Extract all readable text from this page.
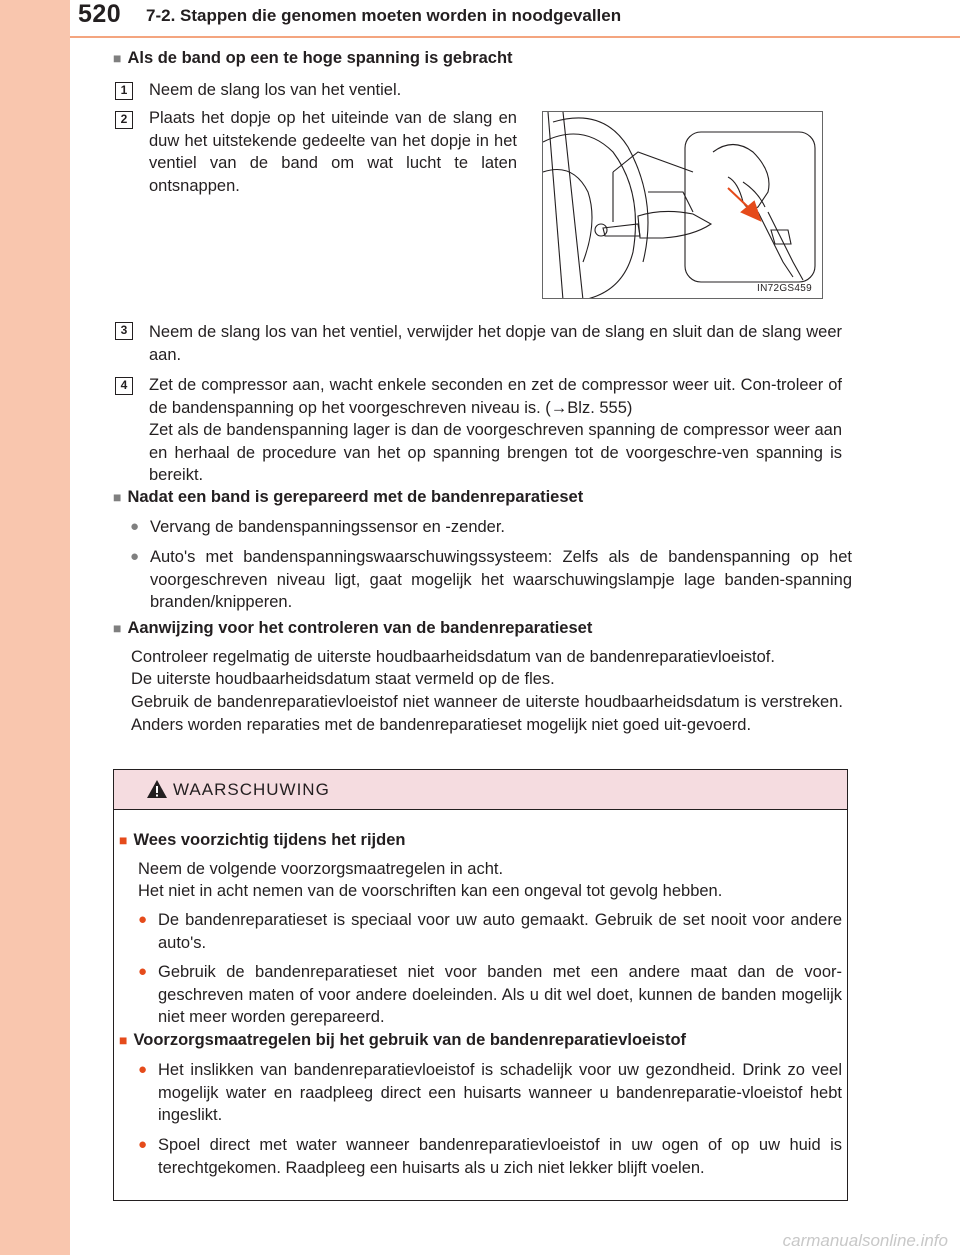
520 7-2. Stappen die genomen moeten worden in noodgevallen
■ Als de band op een te hoge spanning is gebracht
1	Neem de slang los van het ventiel.

2	Plaats het dopje op het uiteinde van de slang en duw het uitstekende gedeelte van het dopje in het ventiel van de band om wat lucht te laten ontsnappen.

IN72GS459
3	Neem de slang los van het ventiel, verwijder het dopje van de slang en sluit dan de slang weer aan.

4	Zet de compressor aan, wacht enkele seconden en zet de compressor weer uit. Con-troleer of de bandenspanning op het voorgeschreven niveau is. (→Blz. 555)

Zet als de bandenspanning lager is dan de voorgeschreven spanning de compressor weer aan en herhaal de procedure van het op spanning brengen tot de voorgeschre-ven spanning is bereikt.

■ Nadat een band is gerepareerd met de bandenreparatieset
● Vervang de bandenspanningssensor en -zender.
● Auto's met bandenspanningswaarschuwingssysteem: Zelfs als de bandenspanning op het voorgeschreven niveau ligt, gaat mogelijk het waarschuwingslampje lage banden-spanning branden/knipperen.
■ Aanwijzing voor het controleren van de bandenreparatieset

Controleer regelmatig de uiterste houdbaarheidsdatum van de bandenreparatievloeistof.

De uiterste houdbaarheidsdatum staat vermeld op de fles.

Gebruik de bandenreparatievloeistof niet wanneer de uiterste houdbaarheidsdatum is verstreken. Anders worden reparaties met de bandenreparatieset mogelijk niet goed uit-gevoerd.

WAARSCHUWING
■ Wees voorzichtig tijdens het rijden

Neem de volgende voorzorgsmaatregelen in acht.

Het niet in acht nemen van de voorschriften kan een ongeval tot gevolg hebben.

● De bandenreparatieset is speciaal voor uw auto gemaakt. Gebruik de set nooit voor andere auto's.
● Gebruik de bandenreparatieset niet voor banden met een andere maat dan de voor-geschreven maten of voor andere doeleinden. Als u dit wel doet, kunnen de banden mogelijk niet meer worden gerepareerd.
■ Voorzorgsmaatregelen bij het gebruik van de bandenreparatievloeistof
● Het inslikken van bandenreparatievloeistof is schadelijk voor uw gezondheid. Drink zo veel mogelijk water en raadpleeg direct een huisarts wanneer u bandenreparatie-vloeistof hebt ingeslikt.
● Spoel direct met water wanneer bandenreparatievloeistof in uw ogen of op uw huid is terechtgekomen. Raadpleeg een huisarts als u zich niet lekker blijft voelen.
carmanualsonline.info
